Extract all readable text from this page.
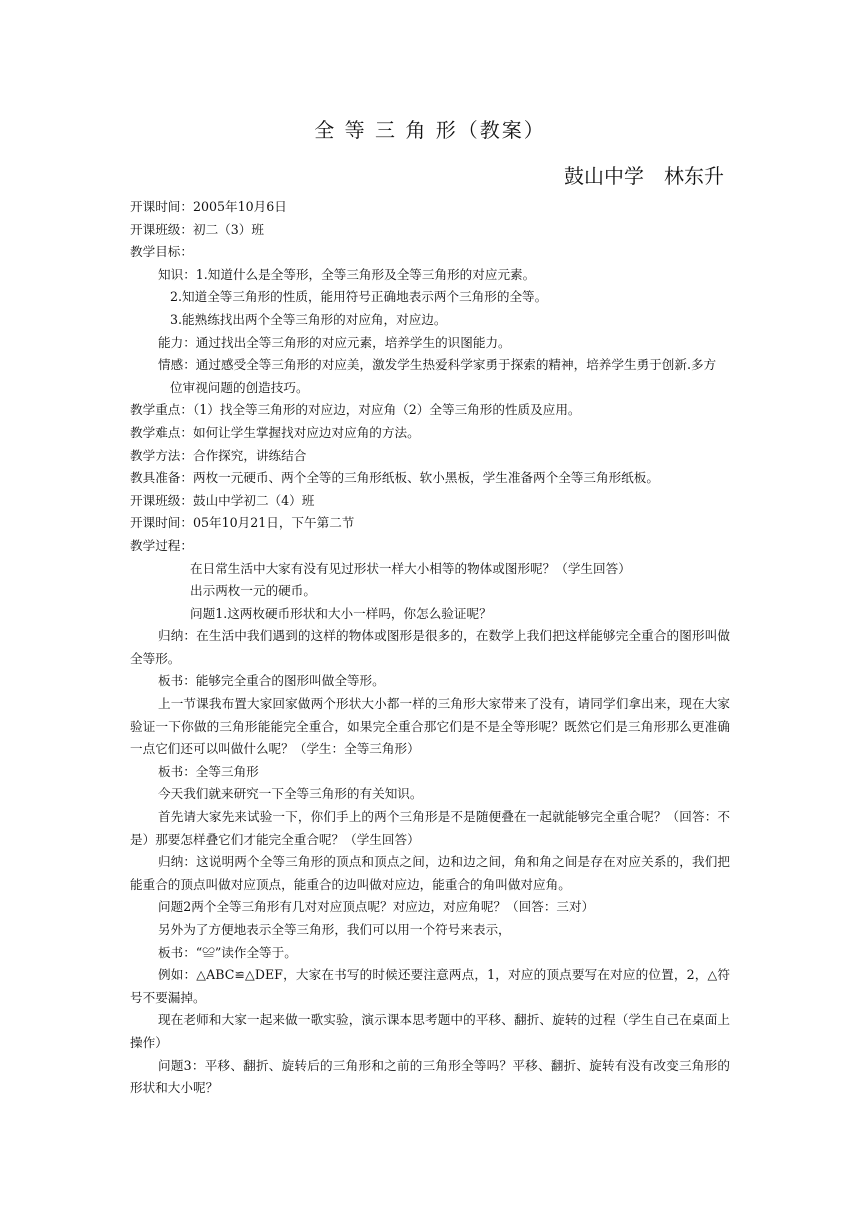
全 等 三 角 形（教案）
鼓山中学　林东升
开课时间：2005年10月6日
开课班级：初二（3）班
教学目标：
知识：1.知道什么是全等形，全等三角形及全等三角形的对应元素。
2.知道全等三角形的性质，能用符号正确地表示两个三角形的全等。
3.能熟练找出两个全等三角形的对应角，对应边。
能力：通过找出全等三角形的对应元素，培养学生的识图能力。
情感：通过感受全等三角形的对应美，激发学生热爱科学家勇于探索的精神，培养学生勇于创新.多方
位审视问题的创造技巧。
教学重点：（1）找全等三角形的对应边，对应角（2）全等三角形的性质及应用。
教学难点：如何让学生掌握找对应边对应角的方法。
教学方法：合作探究，讲练结合
教具准备：两枚一元硬币、两个全等的三角形纸板、软小黑板，学生准备两个全等三角形纸板。
开课班级：鼓山中学初二（4）班
开课时间：05年10月21日，下午第二节
教学过程：
在日常生活中大家有没有见过形状一样大小相等的物体或图形呢？（学生回答）
出示两枚一元的硬币。
问题1.这两枚硬币形状和大小一样吗，你怎么验证呢？
归纳：在生活中我们遇到的这样的物体或图形是很多的，在数学上我们把这样能够完全重合的图形叫做全等形。
板书：能够完全重合的图形叫做全等形。
上一节课我布置大家回家做两个形状大小都一样的三角形大家带来了没有，请同学们拿出来，现在大家验证一下你做的三角形能能完全重合，如果完全重合那它们是不是全等形呢？既然它们是三角形那么更准确一点它们还可以叫做什么呢？（学生：全等三角形）
板书：全等三角形
今天我们就来研究一下全等三角形的有关知识。
首先请大家先来试验一下，你们手上的两个三角形是不是随便叠在一起就能够完全重合呢？（回答：不是）那要怎样叠它们才能完全重合呢？（学生回答）
归纳：这说明两个全等三角形的顶点和顶点之间，边和边之间，角和角之间是存在对应关系的，我们把能重合的顶点叫做对应顶点，能重合的边叫做对应边，能重合的角叫做对应角。
问题2两个全等三角形有几对对应顶点呢？对应边，对应角呢？（回答：三对）
另外为了方便地表示全等三角形，我们可以用一个符号来表示，
板书：“≌”读作全等于。
例如：△ABC≌△DEF，大家在书写的时候还要注意两点，1，对应的顶点要写在对应的位置，2，△符号不要漏掉。
现在老师和大家一起来做一歌实验，演示课本思考题中的平移、翻折、旋转的过程（学生自己在桌面上操作）
问题3：平移、翻折、旋转后的三角形和之前的三角形全等吗？平移、翻折、旋转有没有改变三角形的形状和大小呢？
